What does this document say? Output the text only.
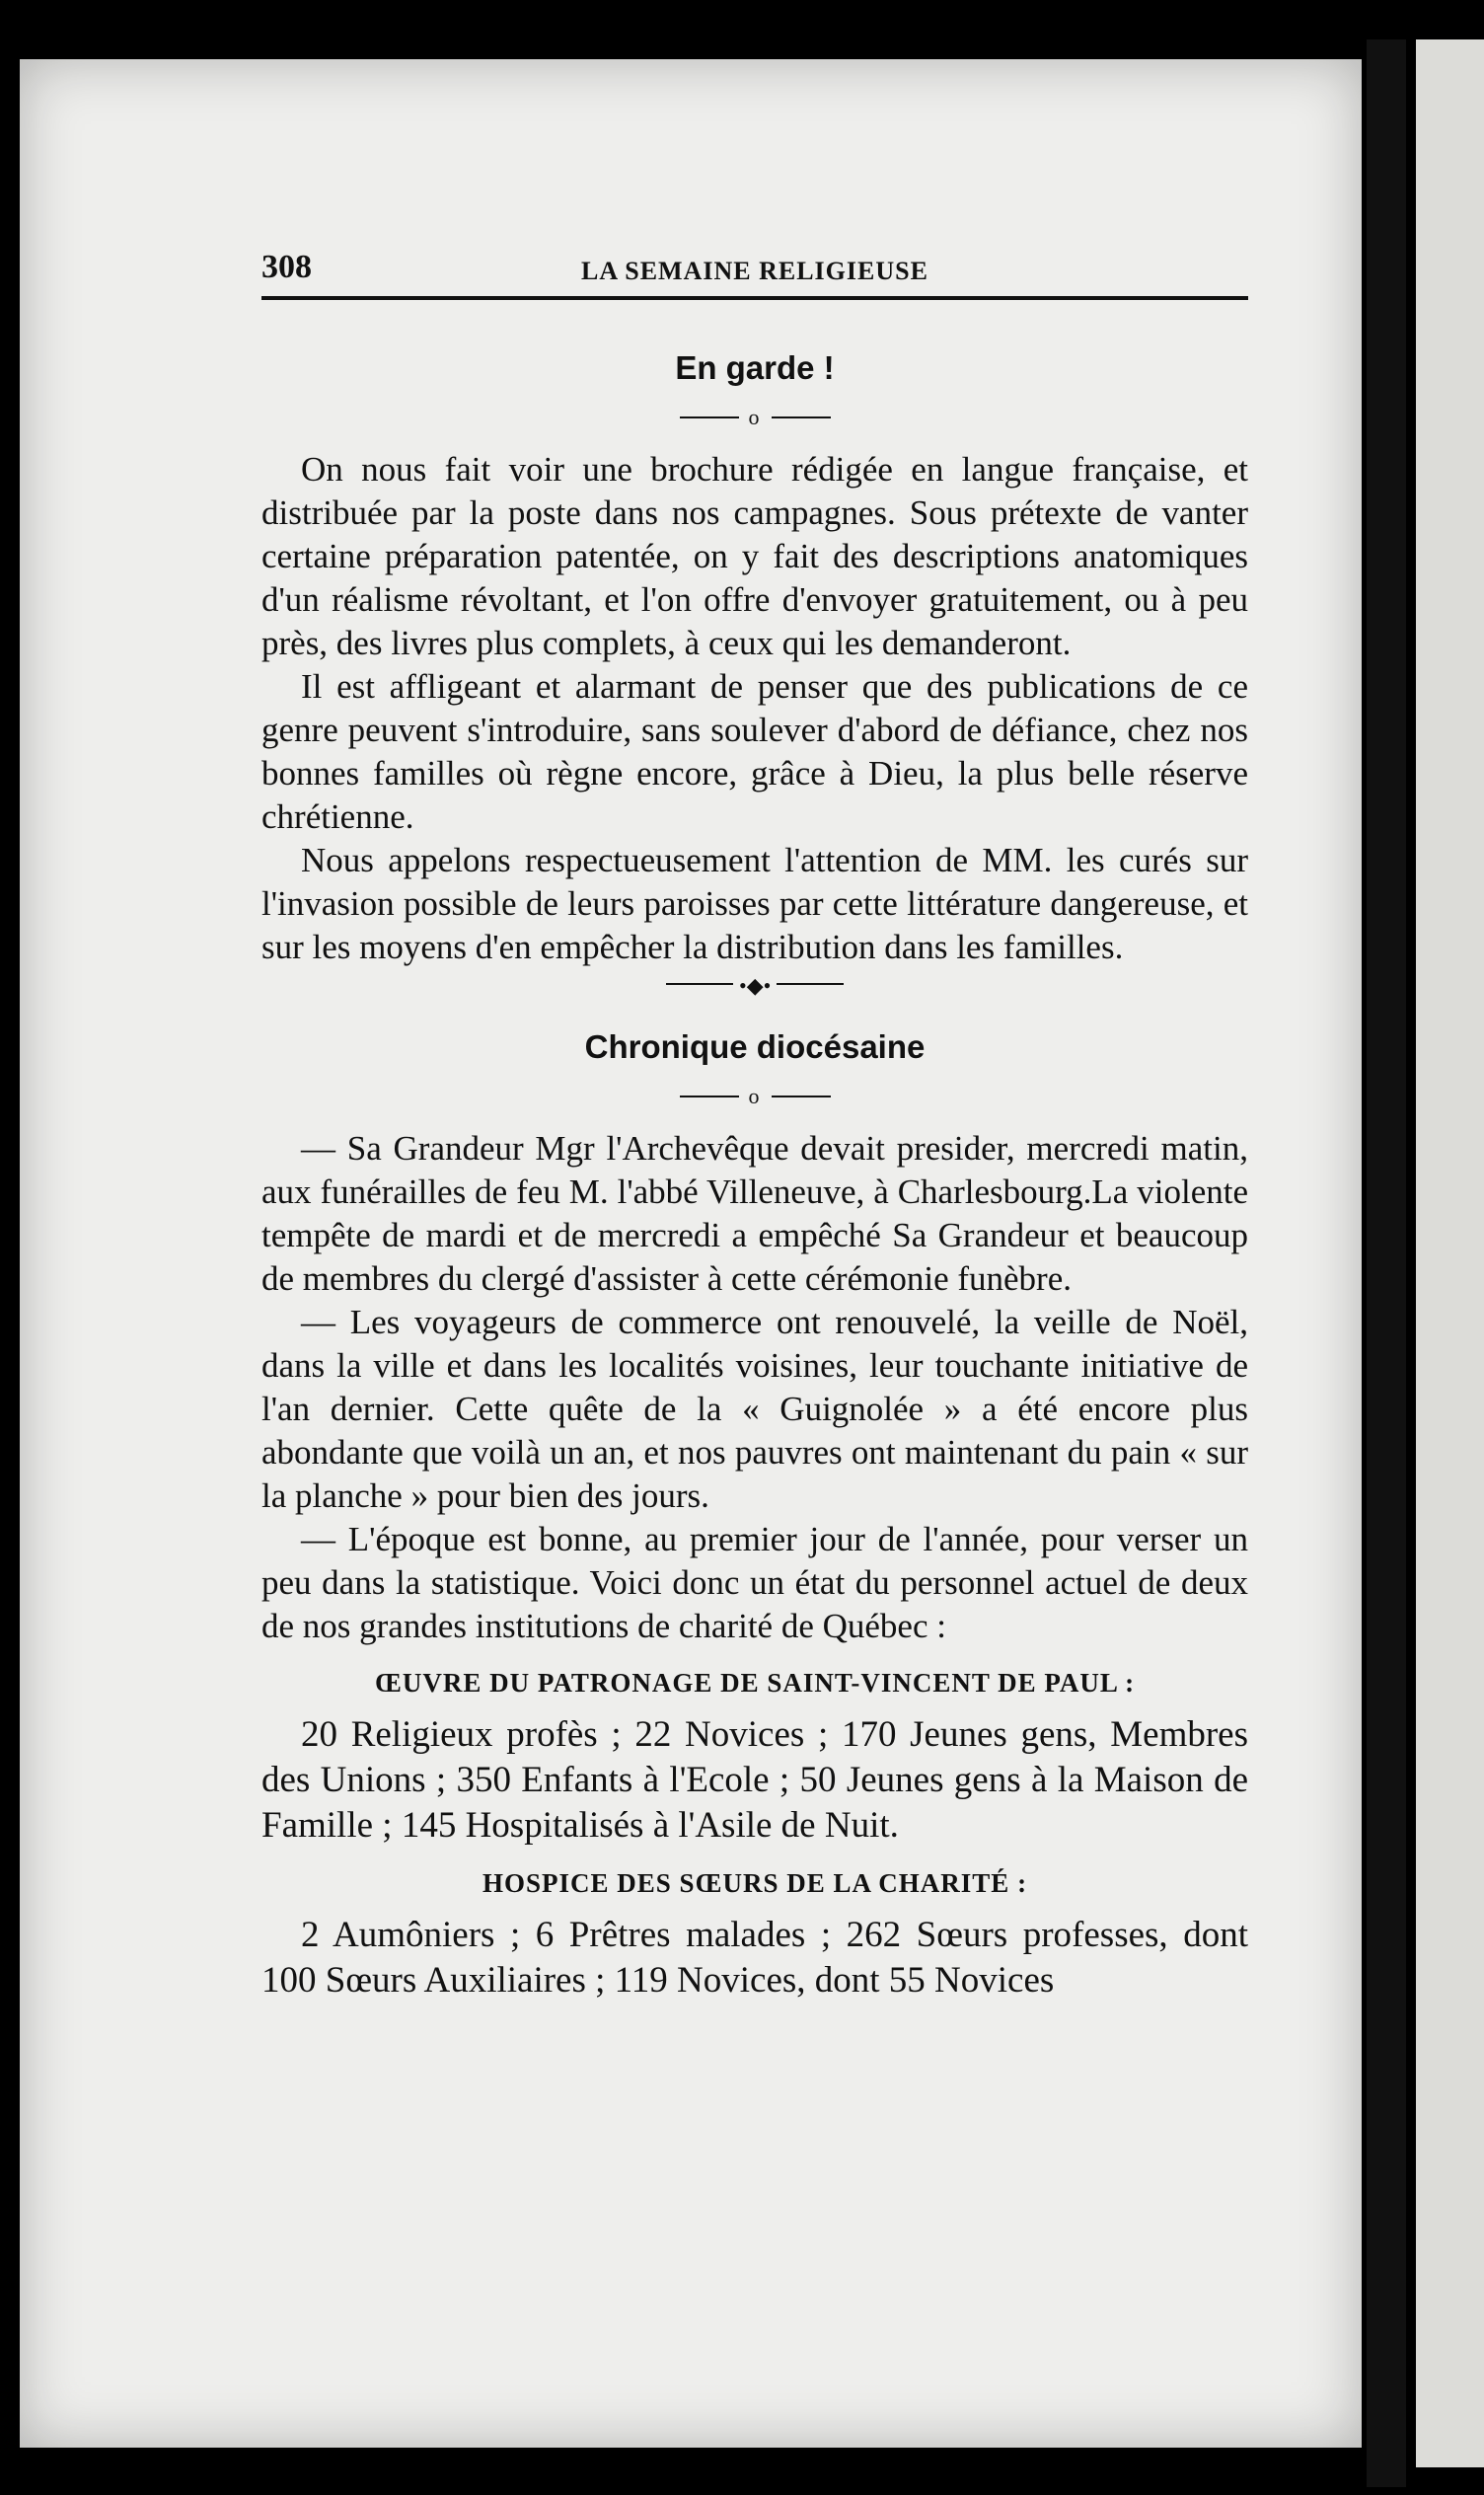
308	LA SEMAINE RELIGIEUSE
En garde !
o

On nous fait voir une brochure rédigée en langue française, et distribuée par la poste dans nos campagnes. Sous prétexte de vanter certaine préparation patentée, on y fait des descriptions anatomiques d'un réalisme révoltant, et l'on offre d'envoyer gratuitement, ou à peu près, des livres plus complets, à ceux qui les demanderont.

Il est affligeant et alarmant de penser que des publications de ce genre peuvent s'introduire, sans soulever d'abord de défiance, chez nos bonnes familles où règne encore, grâce à Dieu, la plus belle réserve chrétienne.

Nous appelons respectueusement l'attention de MM. les curés sur l'invasion possible de leurs paroisses par cette littérature dangereuse, et sur les moyens d'en empêcher la distribution dans les familles.

•◆•
Chronique diocésaine
o

— Sa Grandeur Mgr l'Archevêque devait presider, mercredi matin, aux funérailles de feu M. l'abbé Villeneuve, à Charlesbourg.La violente tempête de mardi et de mercredi a empêché Sa Grandeur et beaucoup de membres du clergé d'assister à cette cérémonie funèbre.

— Les voyageurs de commerce ont renouvelé, la veille de Noël, dans la ville et dans les localités voisines, leur touchante initiative de l'an dernier. Cette quête de la « Guignolée » a été encore plus abondante que voilà un an, et nos pauvres ont maintenant du pain « sur la planche » pour bien des jours.

— L'époque est bonne, au premier jour de l'année, pour verser un peu dans la statistique. Voici donc un état du personnel actuel de deux de nos grandes institutions de charité de Québec :

ŒUVRE DU PATRONAGE DE SAINT-VINCENT DE PAUL :

20 Religieux profès ; 22 Novices ; 170 Jeunes gens, Membres des Unions ; 350 Enfants à l'Ecole ; 50 Jeunes gens à la Maison de Famille ; 145 Hospitalisés à l'Asile de Nuit.

HOSPICE DES SŒURS DE LA CHARITÉ :

2 Aumôniers ; 6 Prêtres malades ; 262 Sœurs professes, dont 100 Sœurs Auxiliaires ; 119 Novices, dont 55 Novices
